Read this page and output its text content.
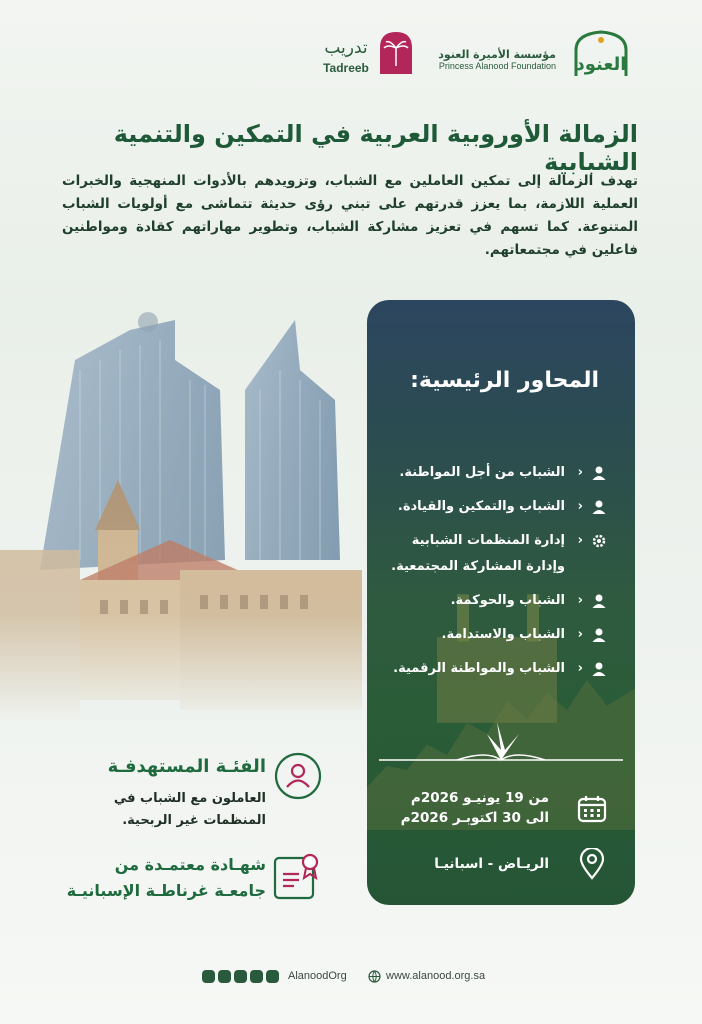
العنود
مؤسسة الأميرة العنود
Princess Alanood Foundation
تدريب
Tadreeb
الزمالة الأوروبية العربية في التمكين والتنمية الشبابية
تهدف الزمالة إلى تمكين العاملين مع الشباب، وتزويدهم بالأدوات المنهجية والخبرات العملية اللازمة، بما يعزز قدرتهم على تبني رؤى حديثة تتماشى مع أولويات الشباب المتنوعة. كما تسهم في تعزيز مشاركة الشباب، وتطوير مهاراتهم كقادة ومواطنين فاعلين في مجتمعاتهم.
المحاور الرئيسية:
‹
الشباب من أجل المواطنة.
‹
الشباب والتمكين والقيادة.
‹
إدارة المنظمات الشبابية وإدارة المشاركة المجتمعية.
‹
الشباب والحوكمة.
‹
الشباب والاستدامة.
‹
الشباب والمواطنة الرقمية.
من 19 يونيـو 2026م
الى 30 اكتوبـر 2026م
الريـاض - اسبانيـا
الفئـة المستهدفـة
العاملون مع الشباب في المنظمات غير الربحية.
شهـادة معتمـدة من
جامعـة غرناطـة الإسبانيـة
AlanoodOrg	www.alanood.org.sa
